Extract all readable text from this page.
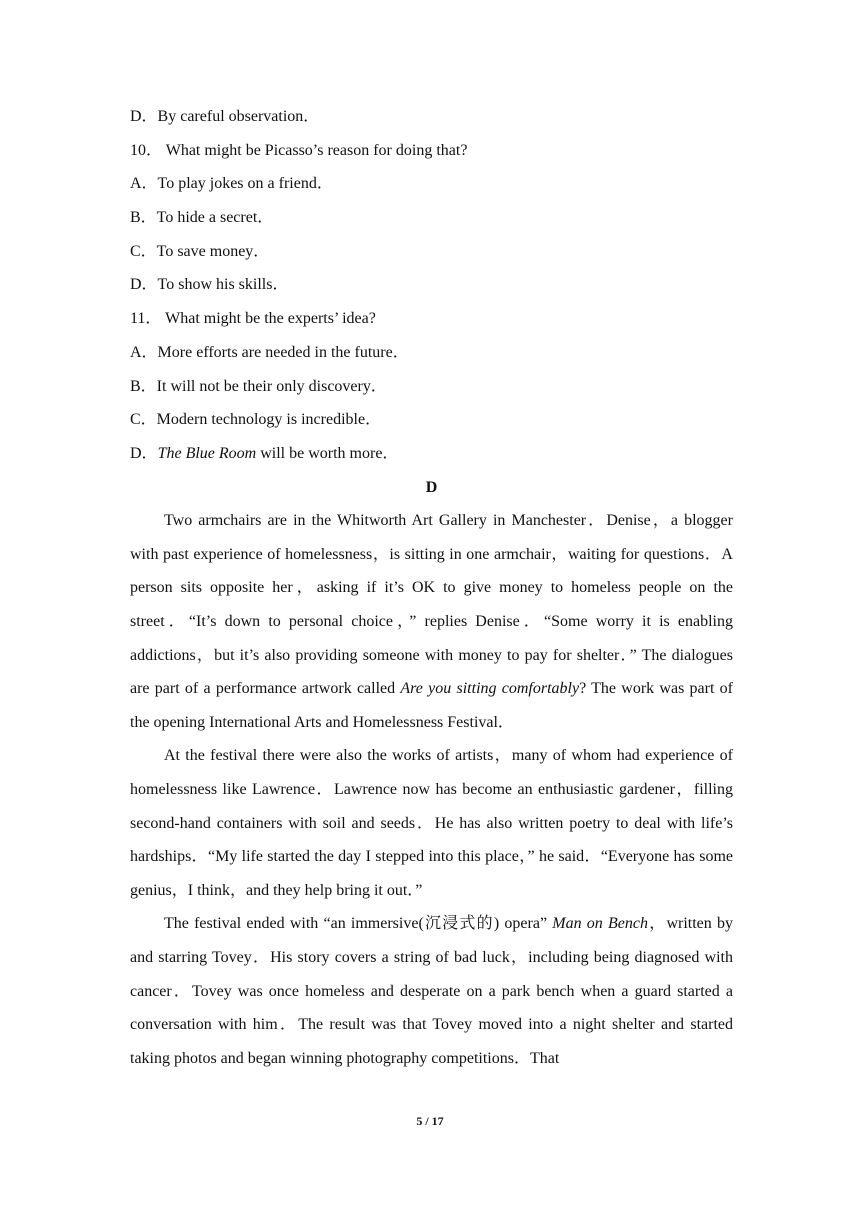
D．By careful observation．
10． What might be Picasso’s reason for doing that?
A．To play jokes on a friend．
B．To hide a secret．
C．To save money．
D．To show his skills．
11． What might be the experts’ idea?
A．More efforts are needed in the future．
B．It will not be their only discovery．
C．Modern technology is incredible．
D．The Blue Room will be worth more．
D

Two armchairs are in the Whitworth Art Gallery in Manchester．Denise，a blogger with past experience of homelessness，is sitting in one armchair，waiting for questions．A person sits opposite her，asking if it’s OK to give money to homeless people on the street．“It’s down to personal choice，” replies Denise．“Some worry it is enabling addictions，but it’s also providing someone with money to pay for shelter．” The dialogues are part of a performance artwork called Are you sitting comfortably? The work was part of the opening International Arts and Homelessness Festival．

At the festival there were also the works of artists，many of whom had experience of homelessness like Lawrence．Lawrence now has become an enthusiastic gardener，filling second-hand containers with soil and seeds．He has also written poetry to deal with life’s hardships．“My life started the day I stepped into this place，” he said．“Everyone has some genius，I think，and they help bring it out．”

The festival ended with “an immersive(沉浸式的) opera” Man on Bench，written by and starring Tovey．His story covers a string of bad luck，including being diagnosed with cancer．Tovey was once homeless and desperate on a park bench when a guard started a conversation with him．The result was that Tovey moved into a night shelter and started taking photos and began winning photography competitions．That

5 / 17
